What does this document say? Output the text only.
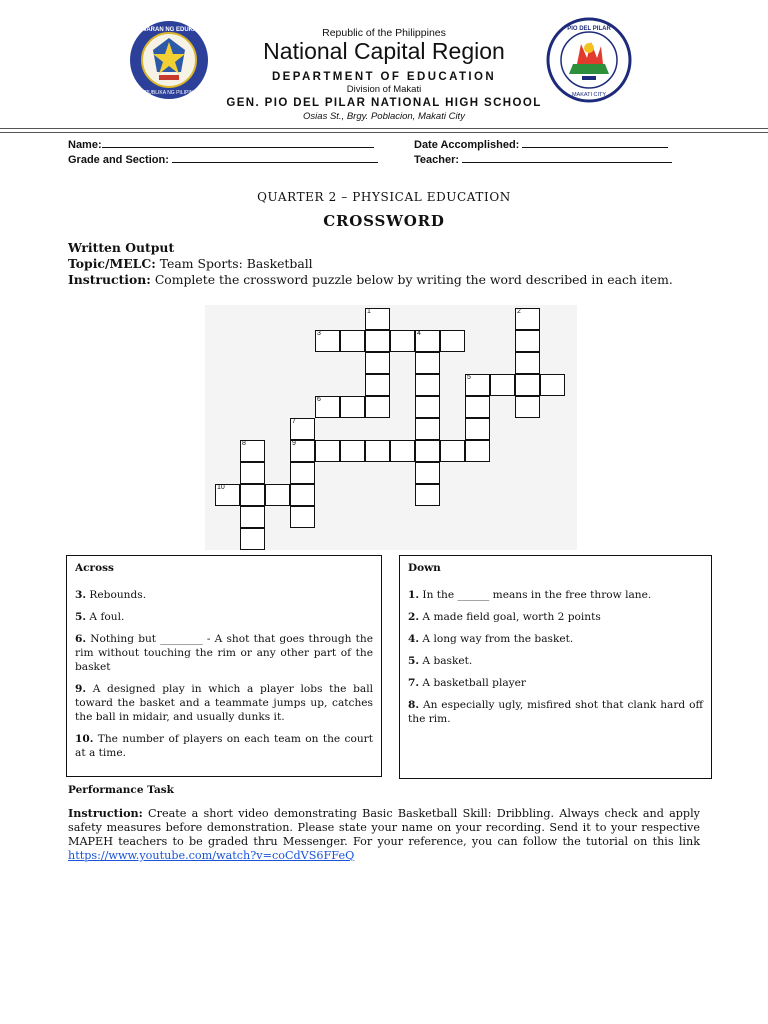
KAGAWARAN NG EDUKASYON
REPUBLIKA NG PILIPINAS
PIO DEL PILAR
MAKATI CITY
Republic of the Philippines
National Capital Region
DEPARTMENT OF EDUCATION
Division of Makati
GEN. PIO DEL PILAR NATIONAL HIGH SCHOOL
Osias St., Brgy. Poblacion, Makati City
Name:
Grade and Section:
Date Accomplished:
Teacher:
QUARTER 2 – PHYSICAL EDUCATION
CROSSWORD
Written Output
Topic/MELC: Team Sports: Basketball
Instruction: Complete the crossword puzzle below by writing the word described in each item.
1	2
3	4
5
6
7
8	9
10
Across
3. Rebounds.
5. A foul.
6. Nothing but ________ - A shot that goes through the rim without touching the rim or any other part of the basket
9. A designed play in which a player lobs the ball toward the basket and a teammate jumps up, catches the ball in midair, and usually dunks it.
10. The number of players on each team on the court at a time.
Down
1. In the ______ means in the free throw lane.
2. A made field goal, worth 2 points
4. A long way from the basket.
5. A basket.
7. A basketball player
8. An especially ugly, misfired shot that clank hard off the rim.
Performance Task
Instruction: Create a short video demonstrating Basic Basketball Skill: Dribbling. Always check and apply safety measures before demonstration. Please state your name on your recording. Send it to your respective MAPEH teachers to be graded thru Messenger. For your reference, you can follow the tutorial on this link https://www.youtube.com/watch?v=coCdVS6FFeQ
